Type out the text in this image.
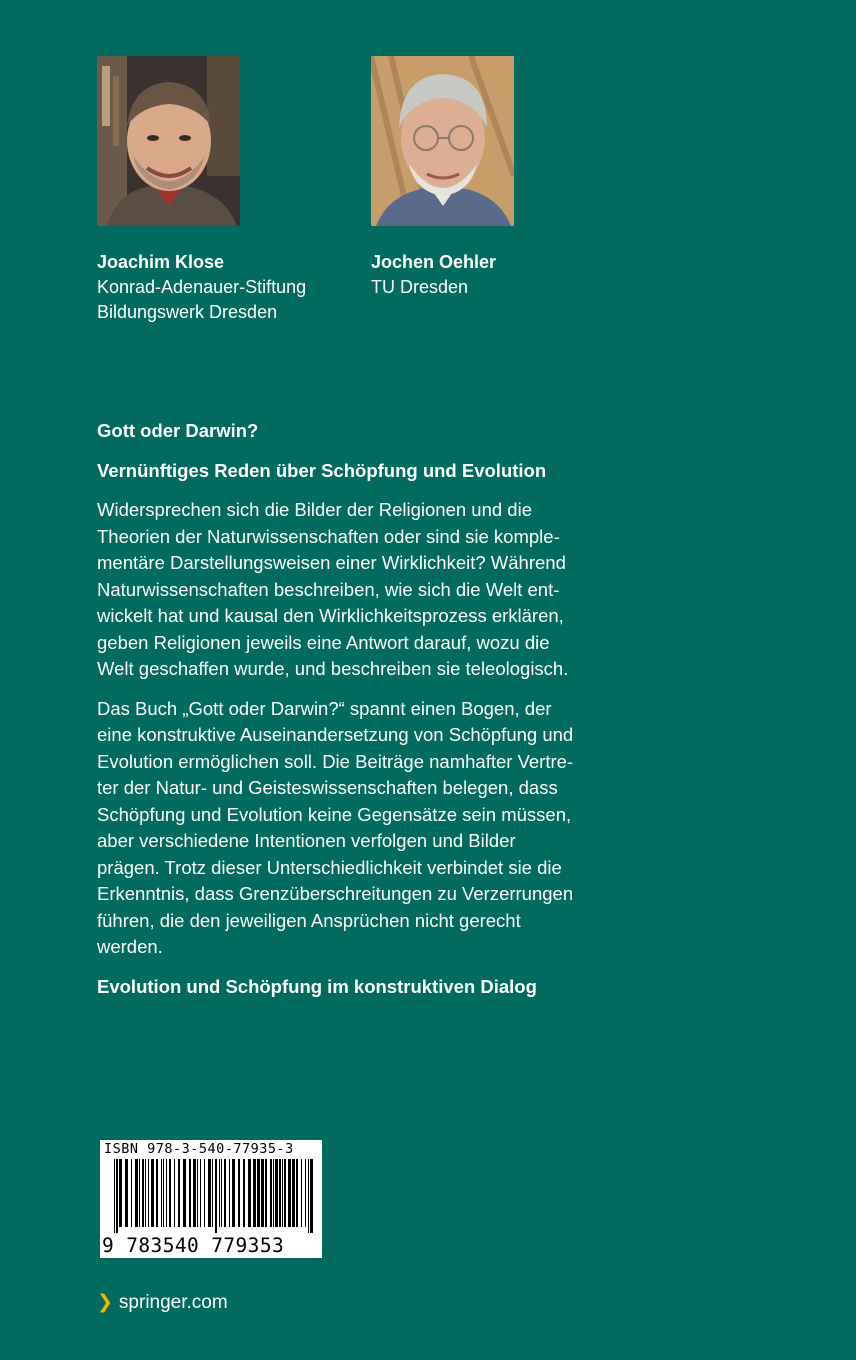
Joachim Klose
Konrad-Adenauer-Stiftung
Bildungswerk Dresden
Jochen Oehler
TU Dresden
Gott oder Darwin?
Vernünftiges Reden über Schöpfung und Evolution
Widersprechen sich die Bilder der Religionen und die
Theorien der Naturwissenschaften oder sind sie komple-
mentäre Darstellungsweisen einer Wirklichkeit? Während
Naturwissenschaften beschreiben, wie sich die Welt ent-
wickelt hat und kausal den Wirklichkeitsprozess erklären,
geben Religionen jeweils eine Antwort darauf, wozu die
Welt geschaffen wurde, und beschreiben sie teleologisch.
Das Buch „Gott oder Darwin?“ spannt einen Bogen, der
eine konstruktive Auseinandersetzung von Schöpfung und
Evolution ermöglichen soll. Die Beiträge namhafter Vertre-
ter der Natur- und Geisteswissenschaften belegen, dass
Schöpfung und Evolution keine Gegensätze sein müssen,
aber verschiedene Intentionen verfolgen und Bilder
prägen. Trotz dieser Unterschiedlichkeit verbindet sie die
Erkenntnis, dass Grenzüberschreitungen zu Verzerrungen
führen, die den jeweiligen Ansprüchen nicht gerecht
werden.
Evolution und Schöpfung im konstruktiven Dialog
ISBN 978-3-540-77935-3
9 783540 779353
❯ springer.com
